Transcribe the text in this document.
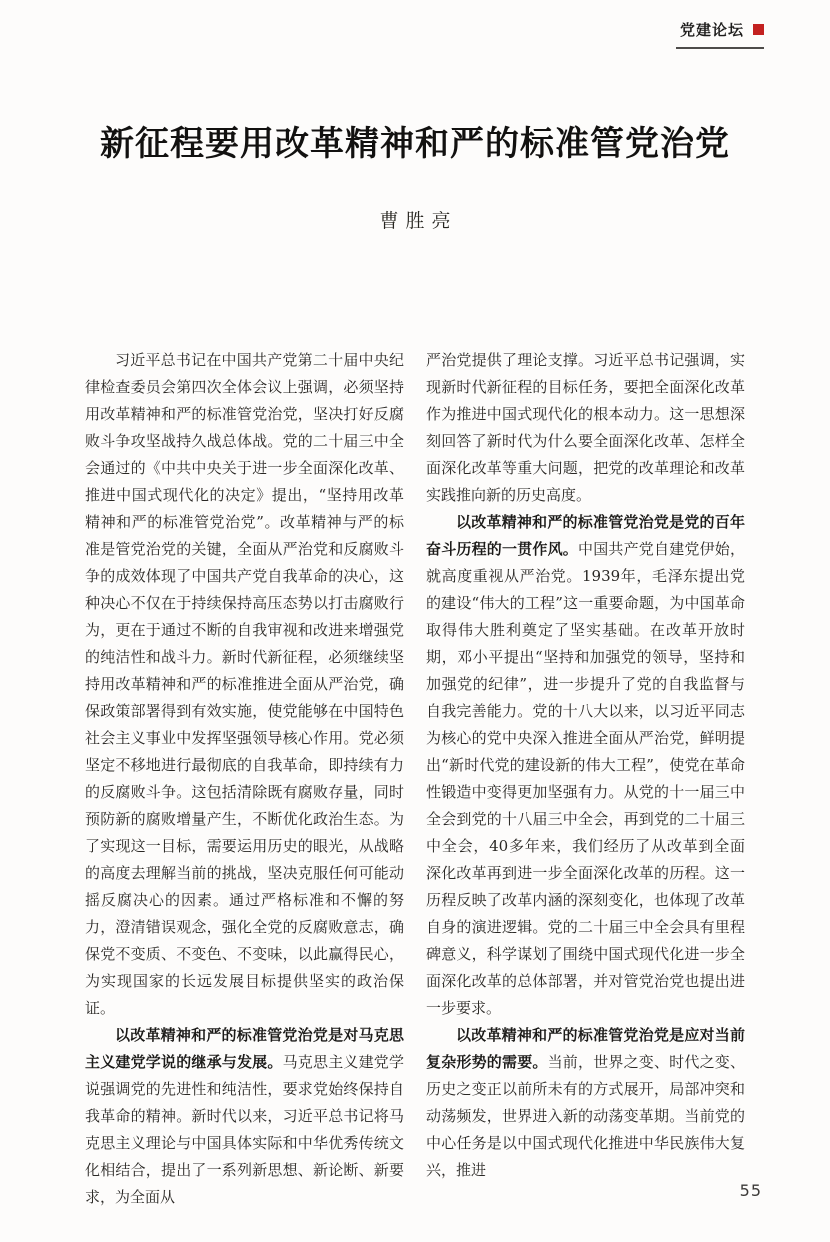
党建论坛
新征程要用改革精神和严的标准管党治党
曹胜亮

习近平总书记在中国共产党第二十届中央纪律检查委员会第四次全体会议上强调，必须坚持用改革精神和严的标准管党治党，坚决打好反腐败斗争攻坚战持久战总体战。党的二十届三中全会通过的《中共中央关于进一步全面深化改革、推进中国式现代化的决定》提出，“坚持用改革精神和严的标准管党治党”。改革精神与严的标准是管党治党的关键，全面从严治党和反腐败斗争的成效体现了中国共产党自我革命的决心，这种决心不仅在于持续保持高压态势以打击腐败行为，更在于通过不断的自我审视和改进来增强党的纯洁性和战斗力。新时代新征程，必须继续坚持用改革精神和严的标准推进全面从严治党，确保政策部署得到有效实施，使党能够在中国特色社会主义事业中发挥坚强领导核心作用。党必须坚定不移地进行最彻底的自我革命，即持续有力的反腐败斗争。这包括清除既有腐败存量，同时预防新的腐败增量产生，不断优化政治生态。为了实现这一目标，需要运用历史的眼光，从战略的高度去理解当前的挑战，坚决克服任何可能动摇反腐决心的因素。通过严格标准和不懈的努力，澄清错误观念，强化全党的反腐败意志，确保党不变质、不变色、不变味，以此赢得民心，为实现国家的长远发展目标提供坚实的政治保证。

以改革精神和严的标准管党治党是对马克思主义建党学说的继承与发展。马克思主义建党学说强调党的先进性和纯洁性，要求党始终保持自我革命的精神。新时代以来，习近平总书记将马克思主义理论与中国具体实际和中华优秀传统文化相结合，提出了一系列新思想、新论断、新要求，为全面从

严治党提供了理论支撑。习近平总书记强调，实现新时代新征程的目标任务，要把全面深化改革作为推进中国式现代化的根本动力。这一思想深刻回答了新时代为什么要全面深化改革、怎样全面深化改革等重大问题，把党的改革理论和改革实践推向新的历史高度。

以改革精神和严的标准管党治党是党的百年奋斗历程的一贯作风。中国共产党自建党伊始，就高度重视从严治党。1939年，毛泽东提出党的建设“伟大的工程”这一重要命题，为中国革命取得伟大胜利奠定了坚实基础。在改革开放时期，邓小平提出“坚持和加强党的领导，坚持和加强党的纪律”，进一步提升了党的自我监督与自我完善能力。党的十八大以来，以习近平同志为核心的党中央深入推进全面从严治党，鲜明提出“新时代党的建设新的伟大工程”，使党在革命性锻造中变得更加坚强有力。从党的十一届三中全会到党的十八届三中全会，再到党的二十届三中全会，40多年来，我们经历了从改革到全面深化改革再到进一步全面深化改革的历程。这一历程反映了改革内涵的深刻变化，也体现了改革自身的演进逻辑。党的二十届三中全会具有里程碑意义，科学谋划了围绕中国式现代化进一步全面深化改革的总体部署，并对管党治党也提出进一步要求。

以改革精神和严的标准管党治党是应对当前复杂形势的需要。当前，世界之变、时代之变、历史之变正以前所未有的方式展开，局部冲突和动荡频发，世界进入新的动荡变革期。当前党的中心任务是以中国式现代化推进中华民族伟大复兴，推进

55
